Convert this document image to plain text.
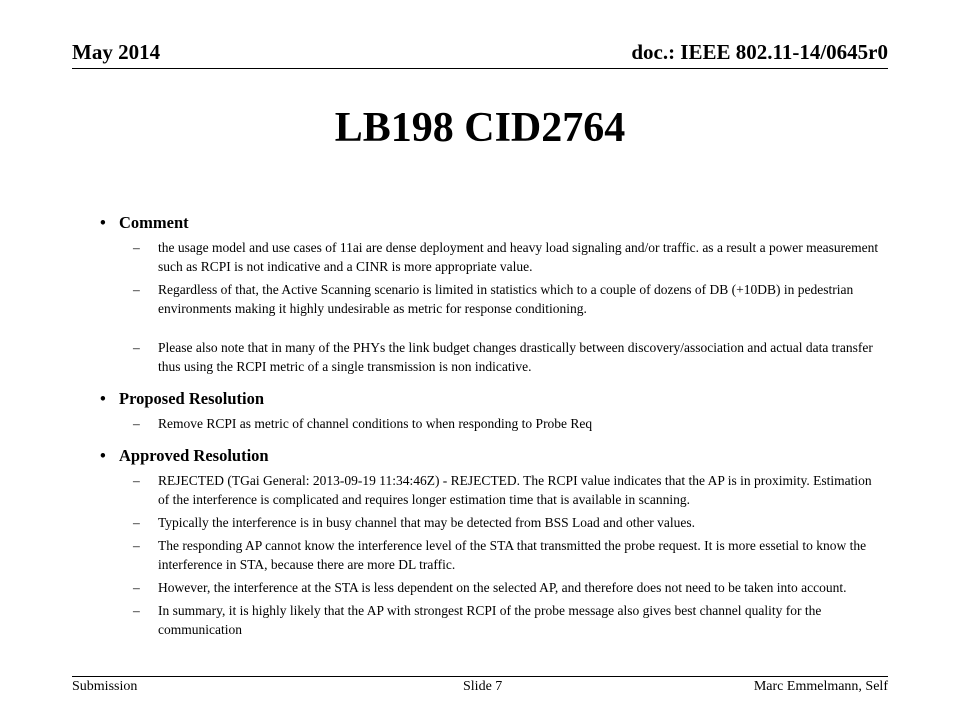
May 2014	doc.: IEEE 802.11-14/0645r0
LB198 CID2764
• Comment
– the usage model and use cases of 11ai are dense deployment and heavy load signaling and/or traffic. as a result a power measurement such as RCPI is not indicative and a CINR is more appropriate value.
– Regardless of that, the Active Scanning scenario is limited in statistics which to a couple of dozens of DB (+10DB) in pedestrian environments making it highly undesirable as metric for response conditioning.
– Please also note that in many of the PHYs the link budget changes drastically between discovery/association and actual data transfer thus using the RCPI metric of a single transmission is non indicative.
• Proposed Resolution
– Remove RCPI as metric of channel conditions to when responding to Probe Req
• Approved Resolution
– REJECTED (TGai General: 2013-09-19 11:34:46Z) - REJECTED. The RCPI value indicates that the AP is in proximity. Estimation of the interference is complicated and requires longer estimation time that is available in scanning.
– Typically the interference is in busy channel that may be detected from BSS Load and other values.
– The responding AP cannot know the interference level of the STA that transmitted the probe request. It is more essetial to know the interference in STA, because there are more DL traffic.
– However, the interference at the STA is less dependent on the selected AP, and therefore does not need to be taken into account.
– In summary, it is highly likely that the AP with strongest RCPI of the probe message also gives best channel quality for the communication
Submission	Slide 7	Marc Emmelmann, Self
